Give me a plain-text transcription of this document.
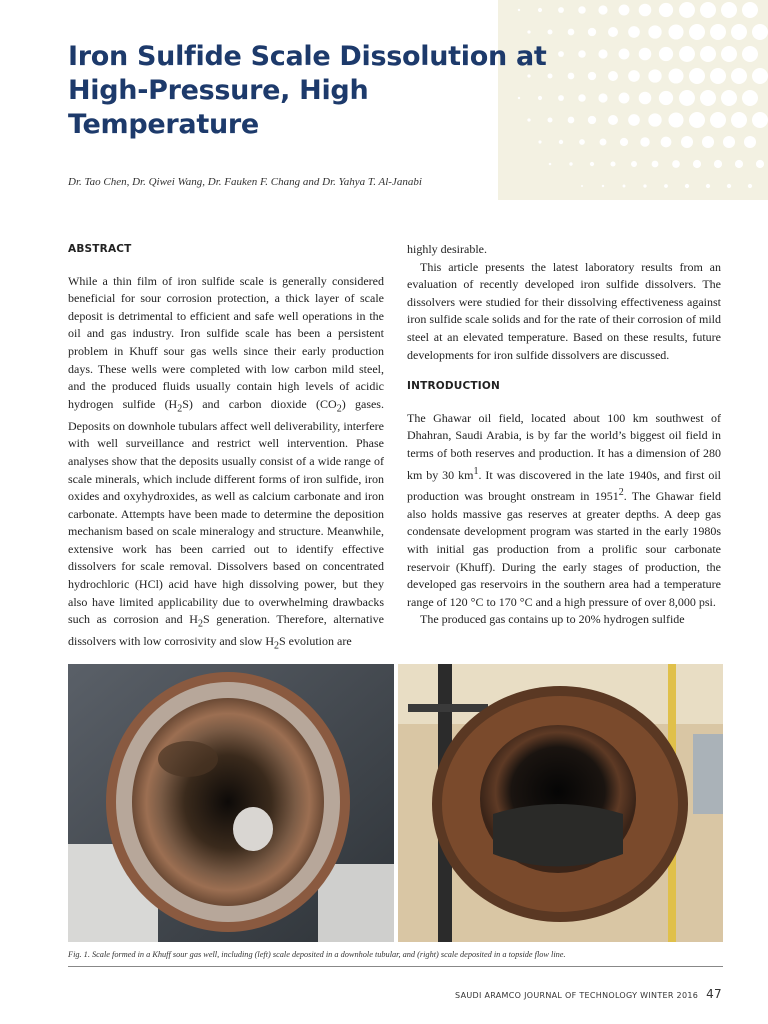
Iron Sulfide Scale Dissolution at
High-Pressure, High Temperature
Dr. Tao Chen, Dr. Qiwei Wang, Dr. Fauken F. Chang and Dr. Yahya T. Al-Janabi

ABSTRACT

While a thin film of iron sulfide scale is generally considered beneficial for sour corrosion protection, a thick layer of scale deposit is detrimental to efficient and safe well operations in the oil and gas industry. Iron sulfide scale has been a persistent problem in Khuff sour gas wells since their early production days. These wells were completed with low carbon mild steel, and the produced fluids usually contain high levels of acidic hydrogen sulfide $(H_2S)$ and carbon dioxide $(CO_2)$ gases. Deposits on downhole tubulars affect well deliverability, interfere with well surveillance and restrict well intervention. Phase analyses show that the deposits usually consist of a wide range of scale minerals, which include different forms of iron sulfide, iron oxides and oxyhydroxides, as well as calcium carbonate and iron carbonate. Attempts have been made to determine the deposition mechanism based on scale mineralogy and structure. Meanwhile, extensive work has been carried out to identify effective dissolvers for scale removal. Dissolvers based on concentrated hydrochloric (HCl) acid have high dissolving power, but they also have limited applicability due to overwhelming drawbacks such as corrosion and $H_2S$ generation. Therefore, alternative dissolvers with low corrosivity and slow $H_2S$ evolution are

highly desirable.

This article presents the latest laboratory results from an evaluation of recently developed iron sulfide dissolvers. The dissolvers were studied for their dissolving effectiveness against iron sulfide scale solids and for the rate of their corrosion of mild steel at an elevated temperature. Based on these results, future developments for iron sulfide dissolvers are discussed.

INTRODUCTION

The Ghawar oil field, located about 100 km southwest of Dhahran, Saudi Arabia, is by far the world’s biggest oil field in terms of both reserves and production. It has a dimension of 280 km by 30 $km^1$. It was discovered in the late 1940s, and first oil production was brought onstream in 1951$^2$. The Ghawar field also holds massive gas reserves at greater depths. A deep gas condensate development program was started in the early 1980s with initial gas production from a prolific sour carbonate reservoir (Khuff). During the early stages of production, the developed gas reservoirs in the southern area had a temperature range of 120 °C to 170 °C and a high pressure of over 8,000 psi.

The produced gas contains up to 20% hydrogen sulfide

Fig. 1. Scale formed in a Khuff sour gas well, including (left) scale deposited in a downhole tubular, and (right) scale deposited in a topside flow line.
SAUDI ARAMCO JOURNAL OF TECHNOLOGY WINTER 2016 47
